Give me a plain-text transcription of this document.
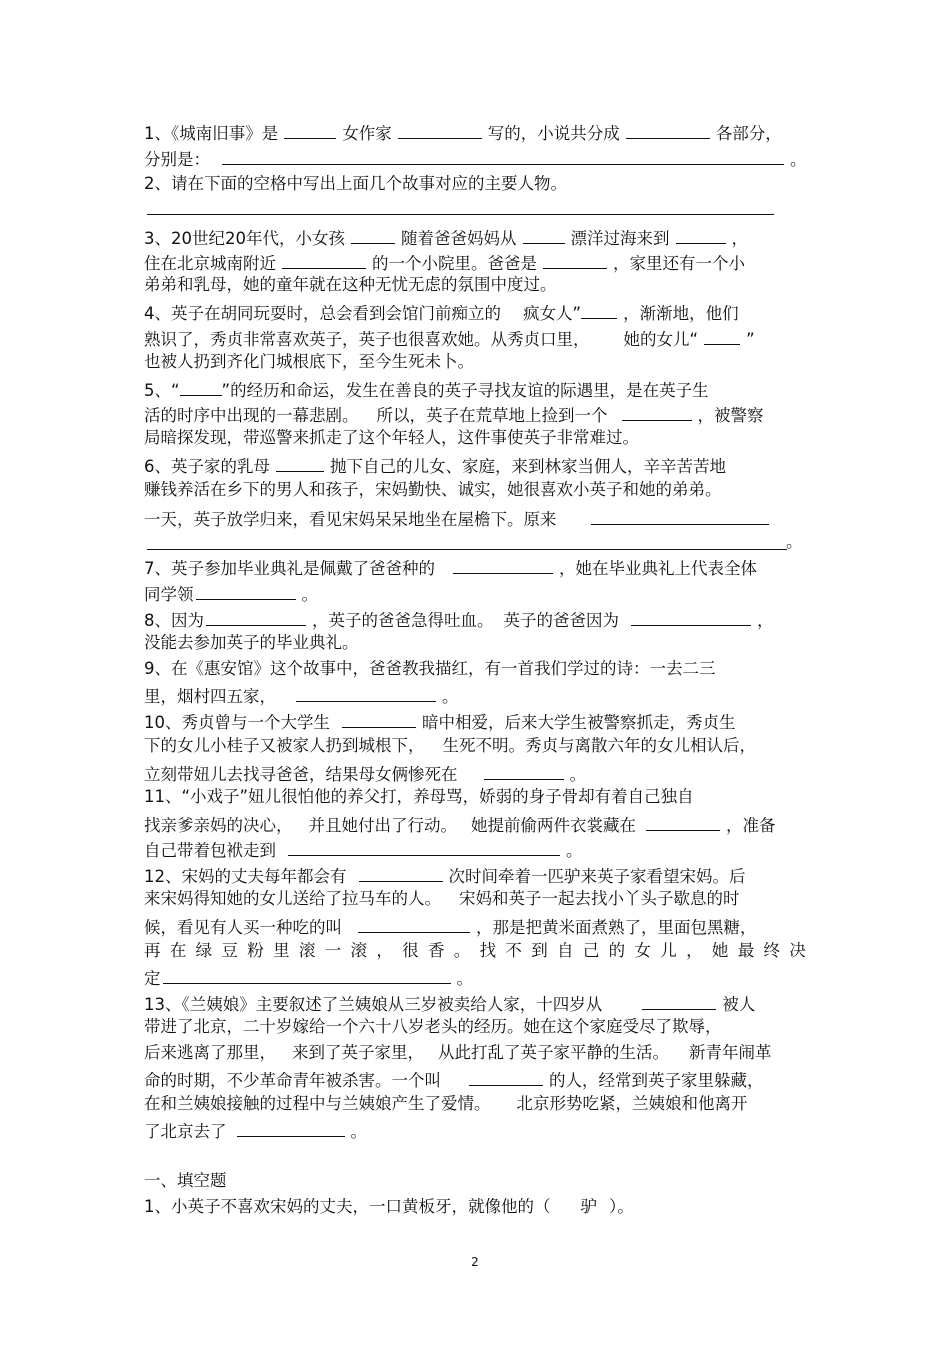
1、《城南旧事》是	女作家	写的，小说共分成	各部分，
分别是：	。
2、请在下面的空格中写出上面几个故事对应的主要人物。
3、20世纪20年代，小女孩	随着爸爸妈妈从	漂洋过海来到	，
住在北京城南附近	的一个小院里。爸爸是	，家里还有一个小
弟弟和乳母，她的童年就在这种无忧无虑的氛围中度过。
4、英子在胡同玩耍时，总会看到会馆门前痴立的 疯女人”	，渐渐地，他们
熟识了，秀贞非常喜欢英子，英子也很喜欢她。从秀贞口里， 她的女儿“	”
也被人扔到齐化门城根底下，至今生死未卜。
5、“	”的经历和命运，发生在善良的英子寻找友谊的际遇里，是在英子生
活的时序中出现的一幕悲剧。 所以，英子在荒草地上捡到一个	，被警察
局暗探发现，带巡警来抓走了这个年轻人，这件事使英子非常难过。
6、英子家的乳母	抛下自己的儿女、家庭，来到林家当佣人，辛辛苦苦地
赚钱养活在乡下的男人和孩子，宋妈勤快、诚实，她很喜欢小英子和她的弟弟。
一天，英子放学归来，看见宋妈呆呆地坐在屋檐下。原来
。
7、英子参加毕业典礼是佩戴了爸爸种的	，她在毕业典礼上代表全体
同学领	。
8、因为	，英子的爸爸急得吐血。 英子的爸爸因为	，
没能去参加英子的毕业典礼。
9、在《惠安馆》这个故事中，爸爸教我描红，有一首我们学过的诗：一去二三
里，烟村四五家，	。
10、秀贞曾与一个大学生	暗中相爱，后来大学生被警察抓走，秀贞生
下的女儿小桂子又被家人扔到城根下， 生死不明。秀贞与离散六年的女儿相认后，
立刻带妞儿去找寻爸爸，结果母女俩惨死在	。
11、“小戏子”妞儿很怕他的养父打，养母骂，娇弱的身子骨却有着自己独自
找亲爹亲妈的决心， 并且她付出了行动。 她提前偷两件衣裳藏在	，准备
自己带着包袱走到	。
12、宋妈的丈夫每年都会有	次时间牵着一匹驴来英子家看望宋妈。后
来宋妈得知她的女儿送给了拉马车的人。 宋妈和英子一起去找小丫头子歇息的时
候，看见有人买一种吃的叫	，那是把黄米面煮熟了，里面包黑糖，
再 在 绿 豆 粉 里 滚 一 滚 ， 很 香 。 找 不 到 自 己 的 女 儿 ， 她 最 终 决
定	。
13、《兰姨娘》主要叙述了兰姨娘从三岁被卖给人家，十四岁从	被人
带进了北京，二十岁嫁给一个六十八岁老头的经历。她在这个家庭受尽了欺辱，
后来逃离了那里， 来到了英子家里， 从此打乱了英子家平静的生活。 新青年闹革
命的时期，不少革命青年被杀害。一个叫	的人，经常到英子家里躲藏，
在和兰姨娘接触的过程中与兰姨娘产生了爱情。 北京形势吃紧，兰姨娘和他离开
了北京去了	。
一、填空题
1、小英子不喜欢宋妈的丈夫，一口黄板牙，就像他的（ 驴 ）。
2
